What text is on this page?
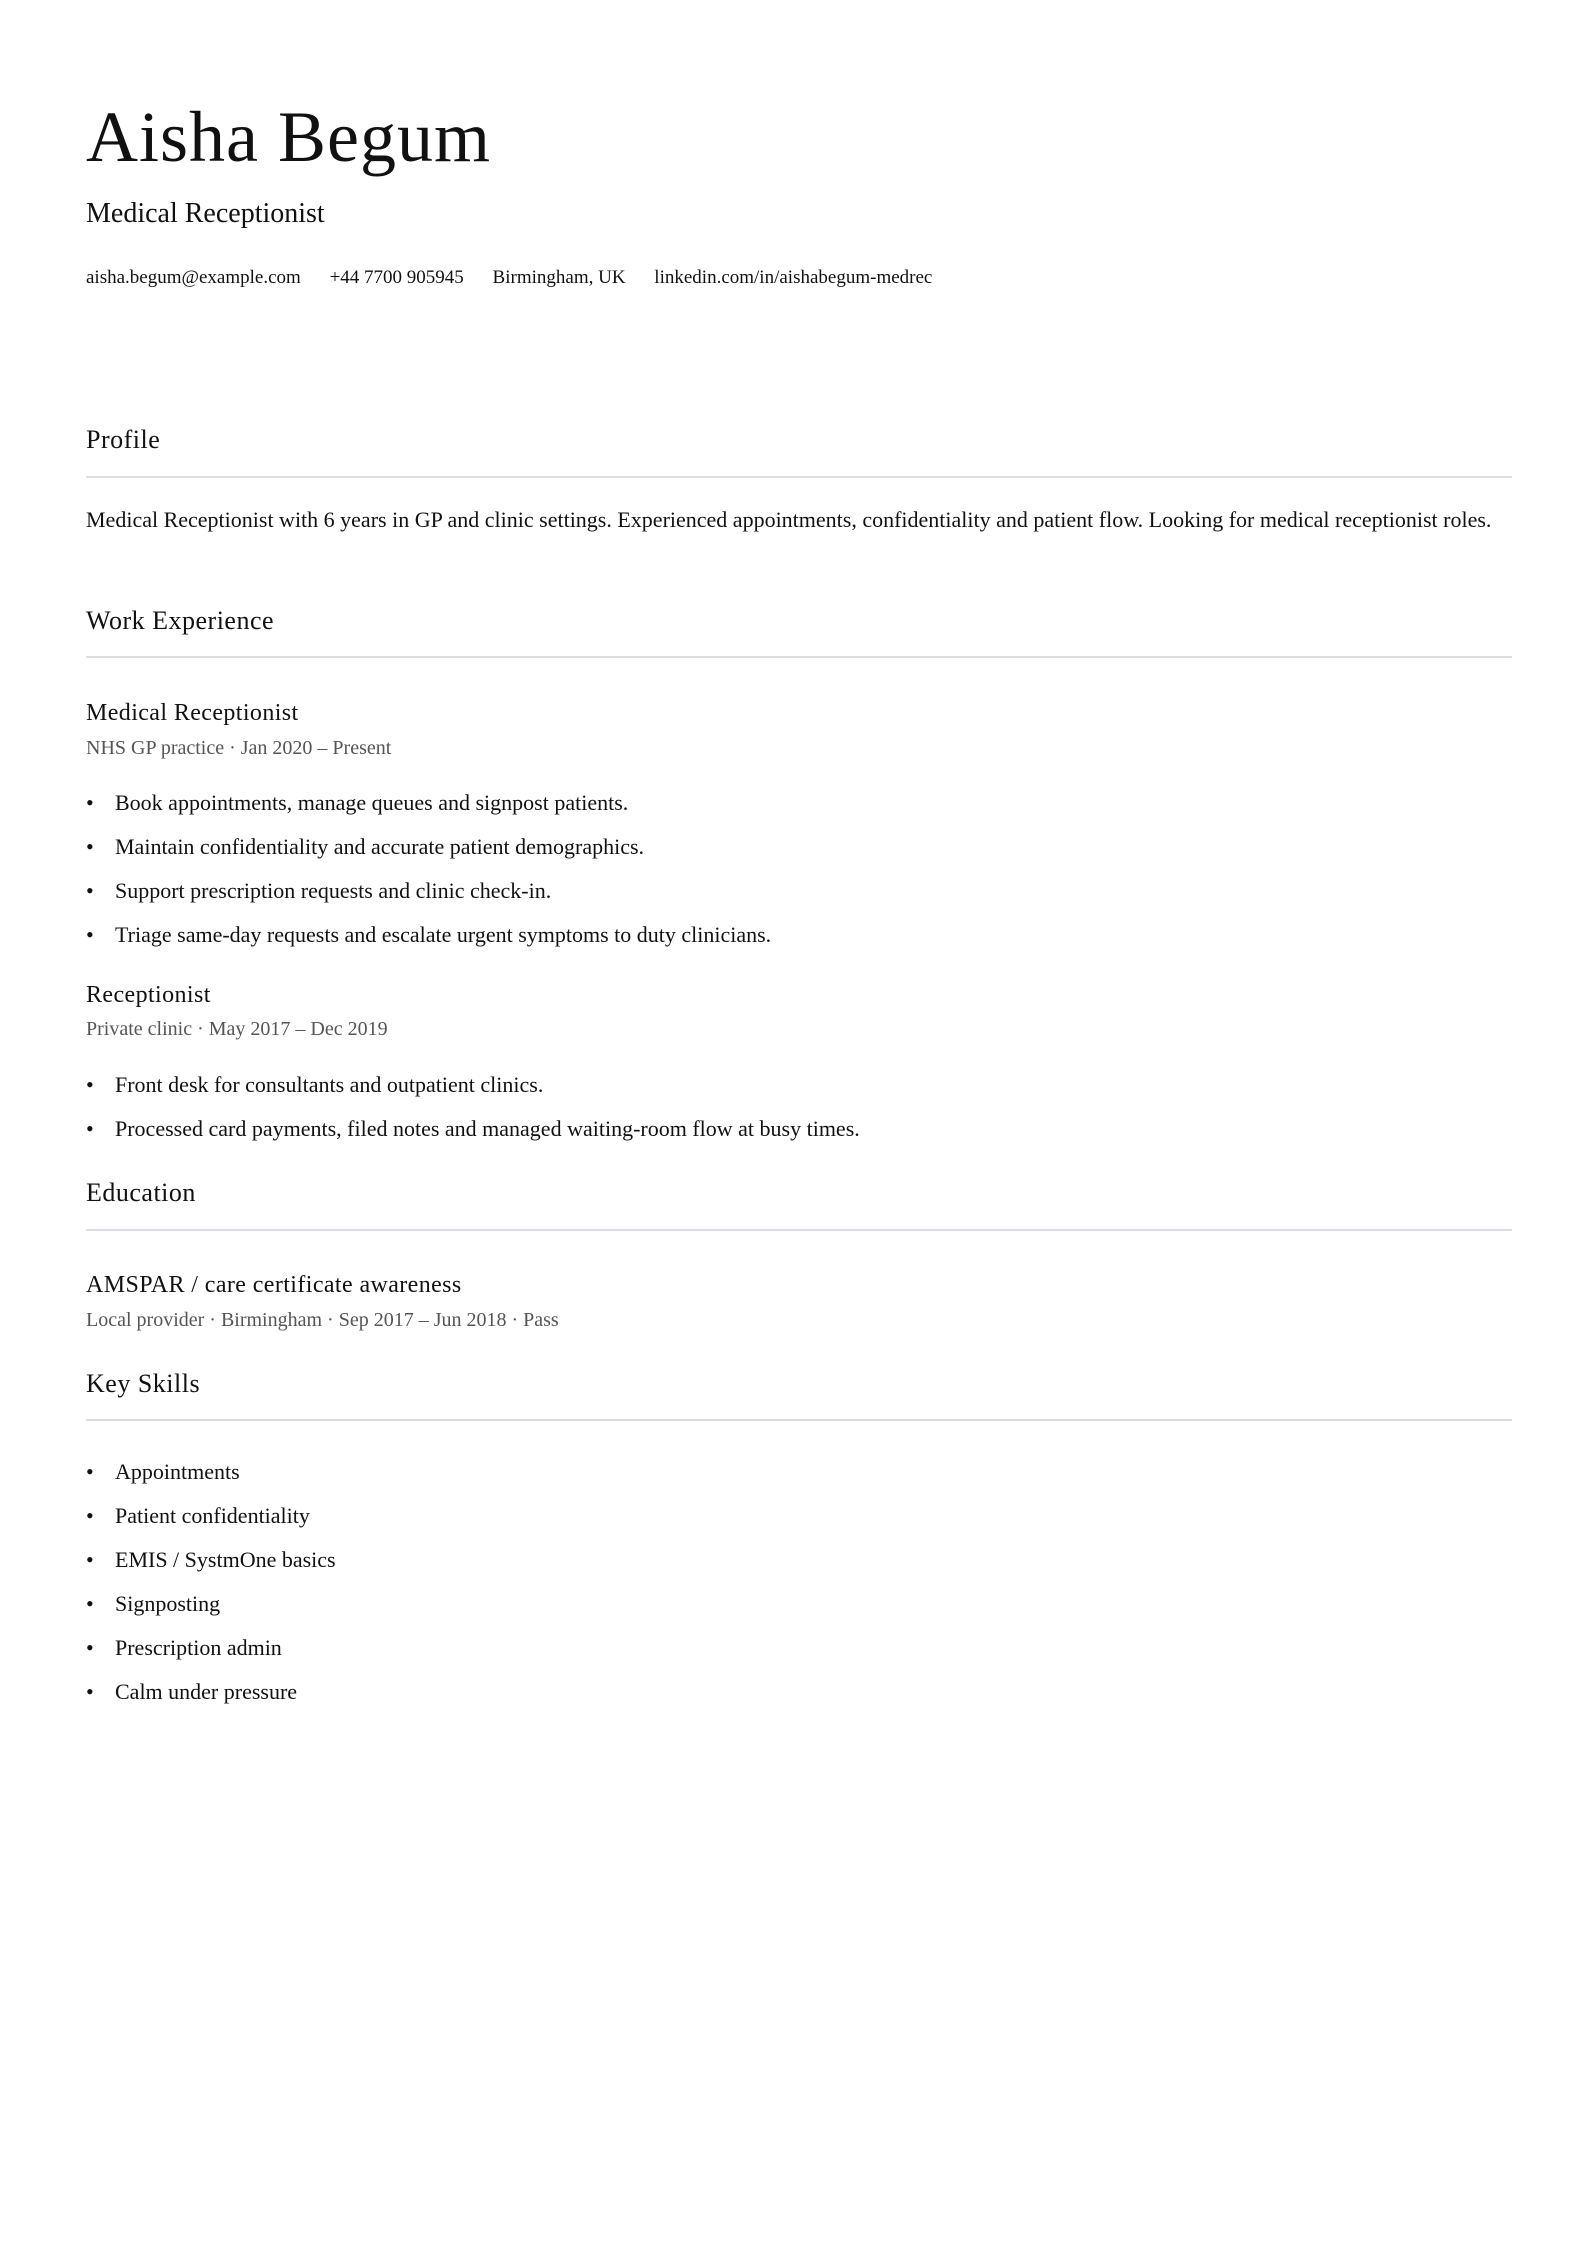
Aisha Begum
Medical Receptionist
aisha.begum@example.com +44 7700 905945 Birmingham, UK linkedin.com/in/aishabegum-medrec
Profile

Medical Receptionist with 6 years in GP and clinic settings. Experienced appointments, confidentiality and patient flow. Looking for medical receptionist roles.

Work Experience
Medical Receptionist
NHS GP practice · Jan 2020 – Present
• Book appointments, manage queues and signpost patients.
• Maintain confidentiality and accurate patient demographics.
• Support prescription requests and clinic check-in.
• Triage same-day requests and escalate urgent symptoms to duty clinicians.
Receptionist
Private clinic · May 2017 – Dec 2019
• Front desk for consultants and outpatient clinics.
• Processed card payments, filed notes and managed waiting-room flow at busy times.
Education
AMSPAR / care certificate awareness
Local provider · Birmingham · Sep 2017 – Jun 2018 · Pass
Key Skills
• Appointments
• Patient confidentiality
• EMIS / SystmOne basics
• Signposting
• Prescription admin
• Calm under pressure
